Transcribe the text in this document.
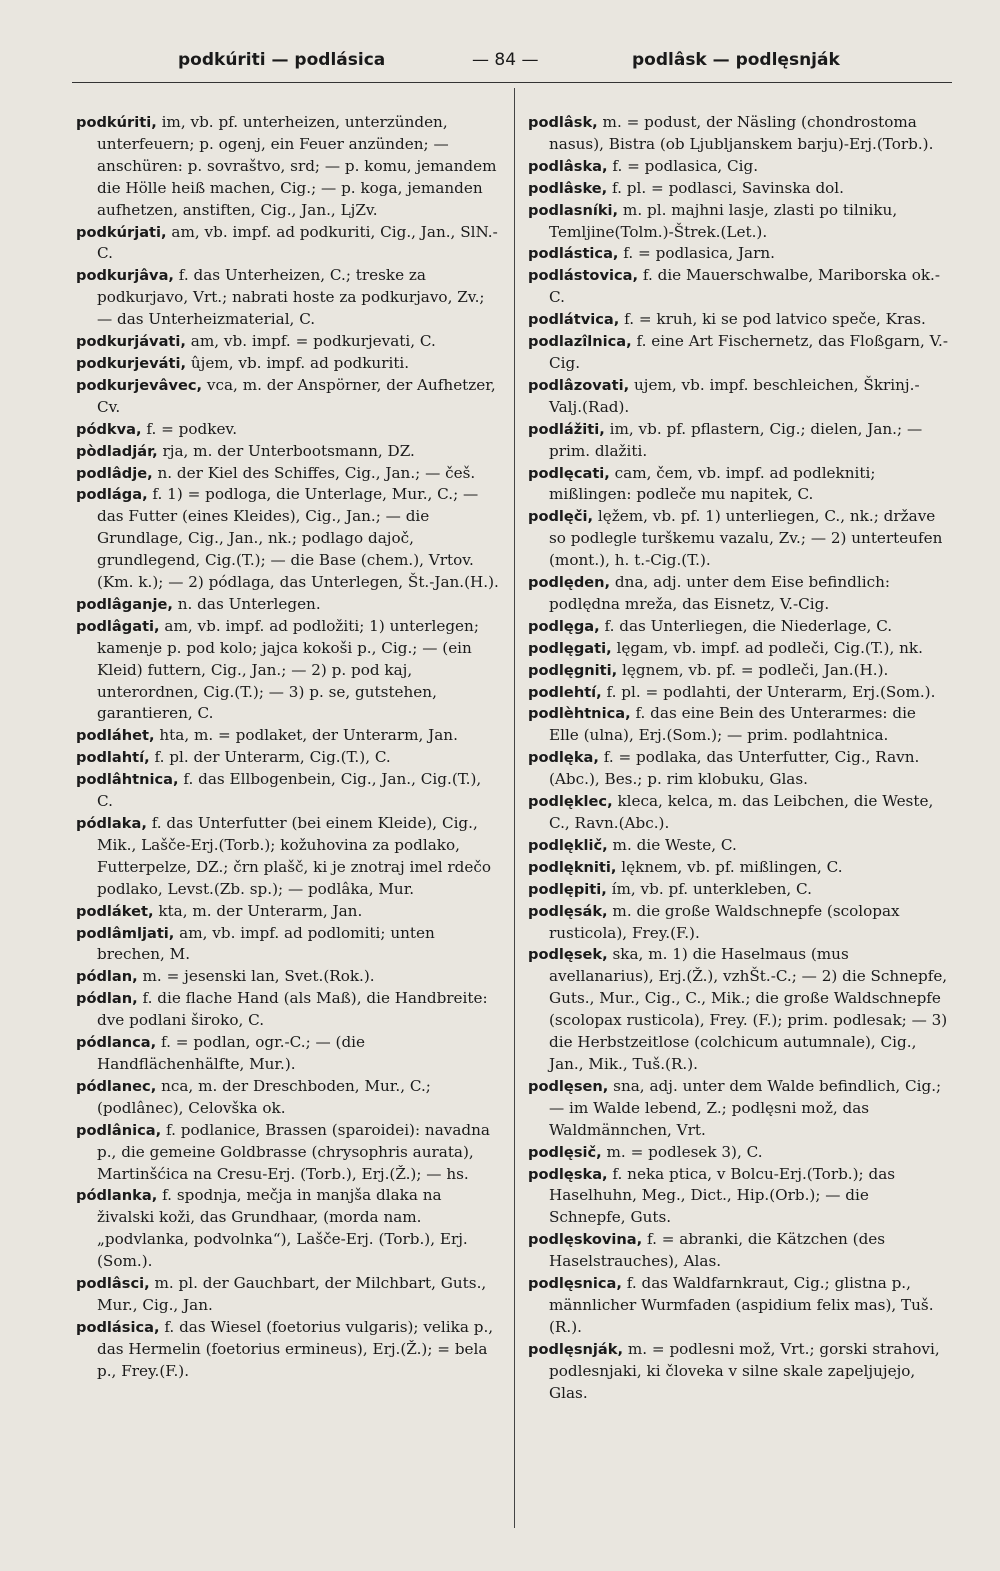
podkúriti — podlásica	— 84 —	podlâsk — podlęsnják

podkúriti, im, vb. pf. unterheizen, unterzünden, unterfeuern; p. ogenj, ein Feuer anzünden; — anschüren: p. sovraštvo, srd; — p. komu, jemandem die Hölle heiß machen, Cig.; — p. koga, jemanden aufhetzen, anstiften, Cig., Jan., LjZv.

podkúrjati, am, vb. impf. ad podkuriti, Cig., Jan., SlN.-C.

podkurjâva, f. das Unterheizen, C.; treske za podkurjavo, Vrt.; nabrati hoste za podkurjavo, Zv.; — das Unterheizmaterial, C.

podkurjávati, am, vb. impf. = podkurjevati, C.

podkurjeváti, ûjem, vb. impf. ad podkuriti.

podkurjevâvec, vca, m. der Anspörner, der Aufhetzer, Cv.

pódkva, f. = podkev.

pòdladjár, rja, m. der Unterbootsmann, DZ.

podlâdje, n. der Kiel des Schiffes, Cig., Jan.; — češ.

podlága, f. 1) = podloga, die Unterlage, Mur., C.; — das Futter (eines Kleides), Cig., Jan.; — die Grundlage, Cig., Jan., nk.; podlago dajoč, grundlegend, Cig.(T.); — die Base (chem.), Vrtov.(Km. k.); — 2) pódlaga, das Unterlegen, Št.-Jan.(H.).

podlâganje, n. das Unterlegen.

podlâgati, am, vb. impf. ad podložiti; 1) unterlegen; kamenje p. pod kolo; jajca kokoši p., Cig.; — (ein Kleid) futtern, Cig., Jan.; — 2) p. pod kaj, unterordnen, Cig.(T.); — 3) p. se, gutstehen, garantieren, C.

podláhet, hta, m. = podlaket, der Unterarm, Jan.

podlahtí, f. pl. der Unterarm, Cig.(T.), C.

podlâhtnica, f. das Ellbogenbein, Cig., Jan., Cig.(T.), C.

pódlaka, f. das Unterfutter (bei einem Kleide), Cig., Mik., Lašče-Erj.(Torb.); kožuhovina za podlako, Futterpelze, DZ.; črn plašč, ki je znotraj imel rdečo podlako, Levst.(Zb. sp.); — podlâka, Mur.

podláket, kta, m. der Unterarm, Jan.

podlâmljati, am, vb. impf. ad podlomiti; unten brechen, M.

pódlan, m. = jesenski lan, Svet.(Rok.).

pódlan, f. die flache Hand (als Maß), die Handbreite: dve podlani široko, C.

pódlanca, f. = podlan, ogr.-C.; — (die Handflächenhälfte, Mur.).

pódlanec, nca, m. der Dreschboden, Mur., C.; (podlânec), Celovška ok.

podlânica, f. podlanice, Brassen (sparoidei): navadna p., die gemeine Goldbrasse (chrysophris aurata), Martinšćica na Cresu-Erj. (Torb.), Erj.(Ž.); — hs.

pódlanka, f. spodnja, mečja in manjša dlaka na živalski koži, das Grundhaar, (morda nam. „podvlanka, podvolnka“), Lašče-Erj. (Torb.), Erj.(Som.).

podlâsci, m. pl. der Gauchbart, der Milchbart, Guts., Mur., Cig., Jan.

podlásica, f. das Wiesel (foetorius vulgaris); velika p., das Hermelin (foetorius ermineus), Erj.(Ž.); = bela p., Frey.(F.).

podlâsk, m. = podust, der Näsling (chondrostoma nasus), Bistra (ob Ljubljanskem barju)-Erj.(Torb.).

podlâska, f. = podlasica, Cig.

podlâske, f. pl. = podlasci, Savinska dol.

podlasníki, m. pl. majhni lasje, zlasti po tilniku, Temljine(Tolm.)-Štrek.(Let.).

podlástica, f. = podlasica, Jarn.

podlástovica, f. die Mauerschwalbe, Mariborska ok.-C.

podlátvica, f. = kruh, ki se pod latvico speče, Kras.

podlazîlnica, f. eine Art Fischernetz, das Floßgarn, V.-Cig.

podlâzovati, ujem, vb. impf. beschleichen, Škrinj.-Valj.(Rad).

podlážiti, im, vb. pf. pflastern, Cig.; dielen, Jan.; — prim. dlažiti.

podlęcati, cam, čem, vb. impf. ad podlekniti; mißlingen: podleče mu napitek, C.

podlęči, lęžem, vb. pf. 1) unterliegen, C., nk.; države so podlegle turškemu vazalu, Zv.; — 2) unterteufen (mont.), h. t.-Cig.(T.).

podlęden, dna, adj. unter dem Eise befindlich: podlędna mreža, das Eisnetz, V.-Cig.

podlęga, f. das Unterliegen, die Niederlage, C.

podlęgati, lęgam, vb. impf. ad podleči, Cig.(T.), nk.

podlęgniti, lęgnem, vb. pf. = podleči, Jan.(H.).

podlehtí, f. pl. = podlahti, der Unterarm, Erj.(Som.).

podlèhtnica, f. das eine Bein des Unterarmes: die Elle (ulna), Erj.(Som.); — prim. podlahtnica.

podlęka, f. = podlaka, das Unterfutter, Cig., Ravn.(Abc.), Bes.; p. rim klobuku, Glas.

podlęklec, kleca, kelca, m. das Leibchen, die Weste, C., Ravn.(Abc.).

podlęklič, m. die Weste, C.

podlękniti, lęknem, vb. pf. mißlingen, C.

podlępiti, ím, vb. pf. unterkleben, C.

podlęsák, m. die große Waldschnepfe (scolopax rusticola), Frey.(F.).

podlęsek, ska, m. 1) die Haselmaus (mus avellanarius), Erj.(Ž.), vzhŠt.-C.; — 2) die Schnepfe, Guts., Mur., Cig., C., Mik.; die große Waldschnepfe (scolopax rusticola), Frey. (F.); prim. podlesak; — 3) die Herbstzeitlose (colchicum autumnale), Cig., Jan., Mik., Tuš.(R.).

podlęsen, sna, adj. unter dem Walde befindlich, Cig.; — im Walde lebend, Z.; podlęsni mož, das Waldmännchen, Vrt.

podlęsič, m. = podlesek 3), C.

podlęska, f. neka ptica, v Bolcu-Erj.(Torb.); das Haselhuhn, Meg., Dict., Hip.(Orb.); — die Schnepfe, Guts.

podlęskovina, f. = abranki, die Kätzchen (des Haselstrauches), Alas.

podlęsnica, f. das Waldfarnkraut, Cig.; glistna p., männlicher Wurmfaden (aspidium felix mas), Tuš.(R.).

podlęsnják, m. = podlesni mož, Vrt.; gorski strahovi, podlesnjaki, ki človeka v silne skale zapeljujejo, Glas.
